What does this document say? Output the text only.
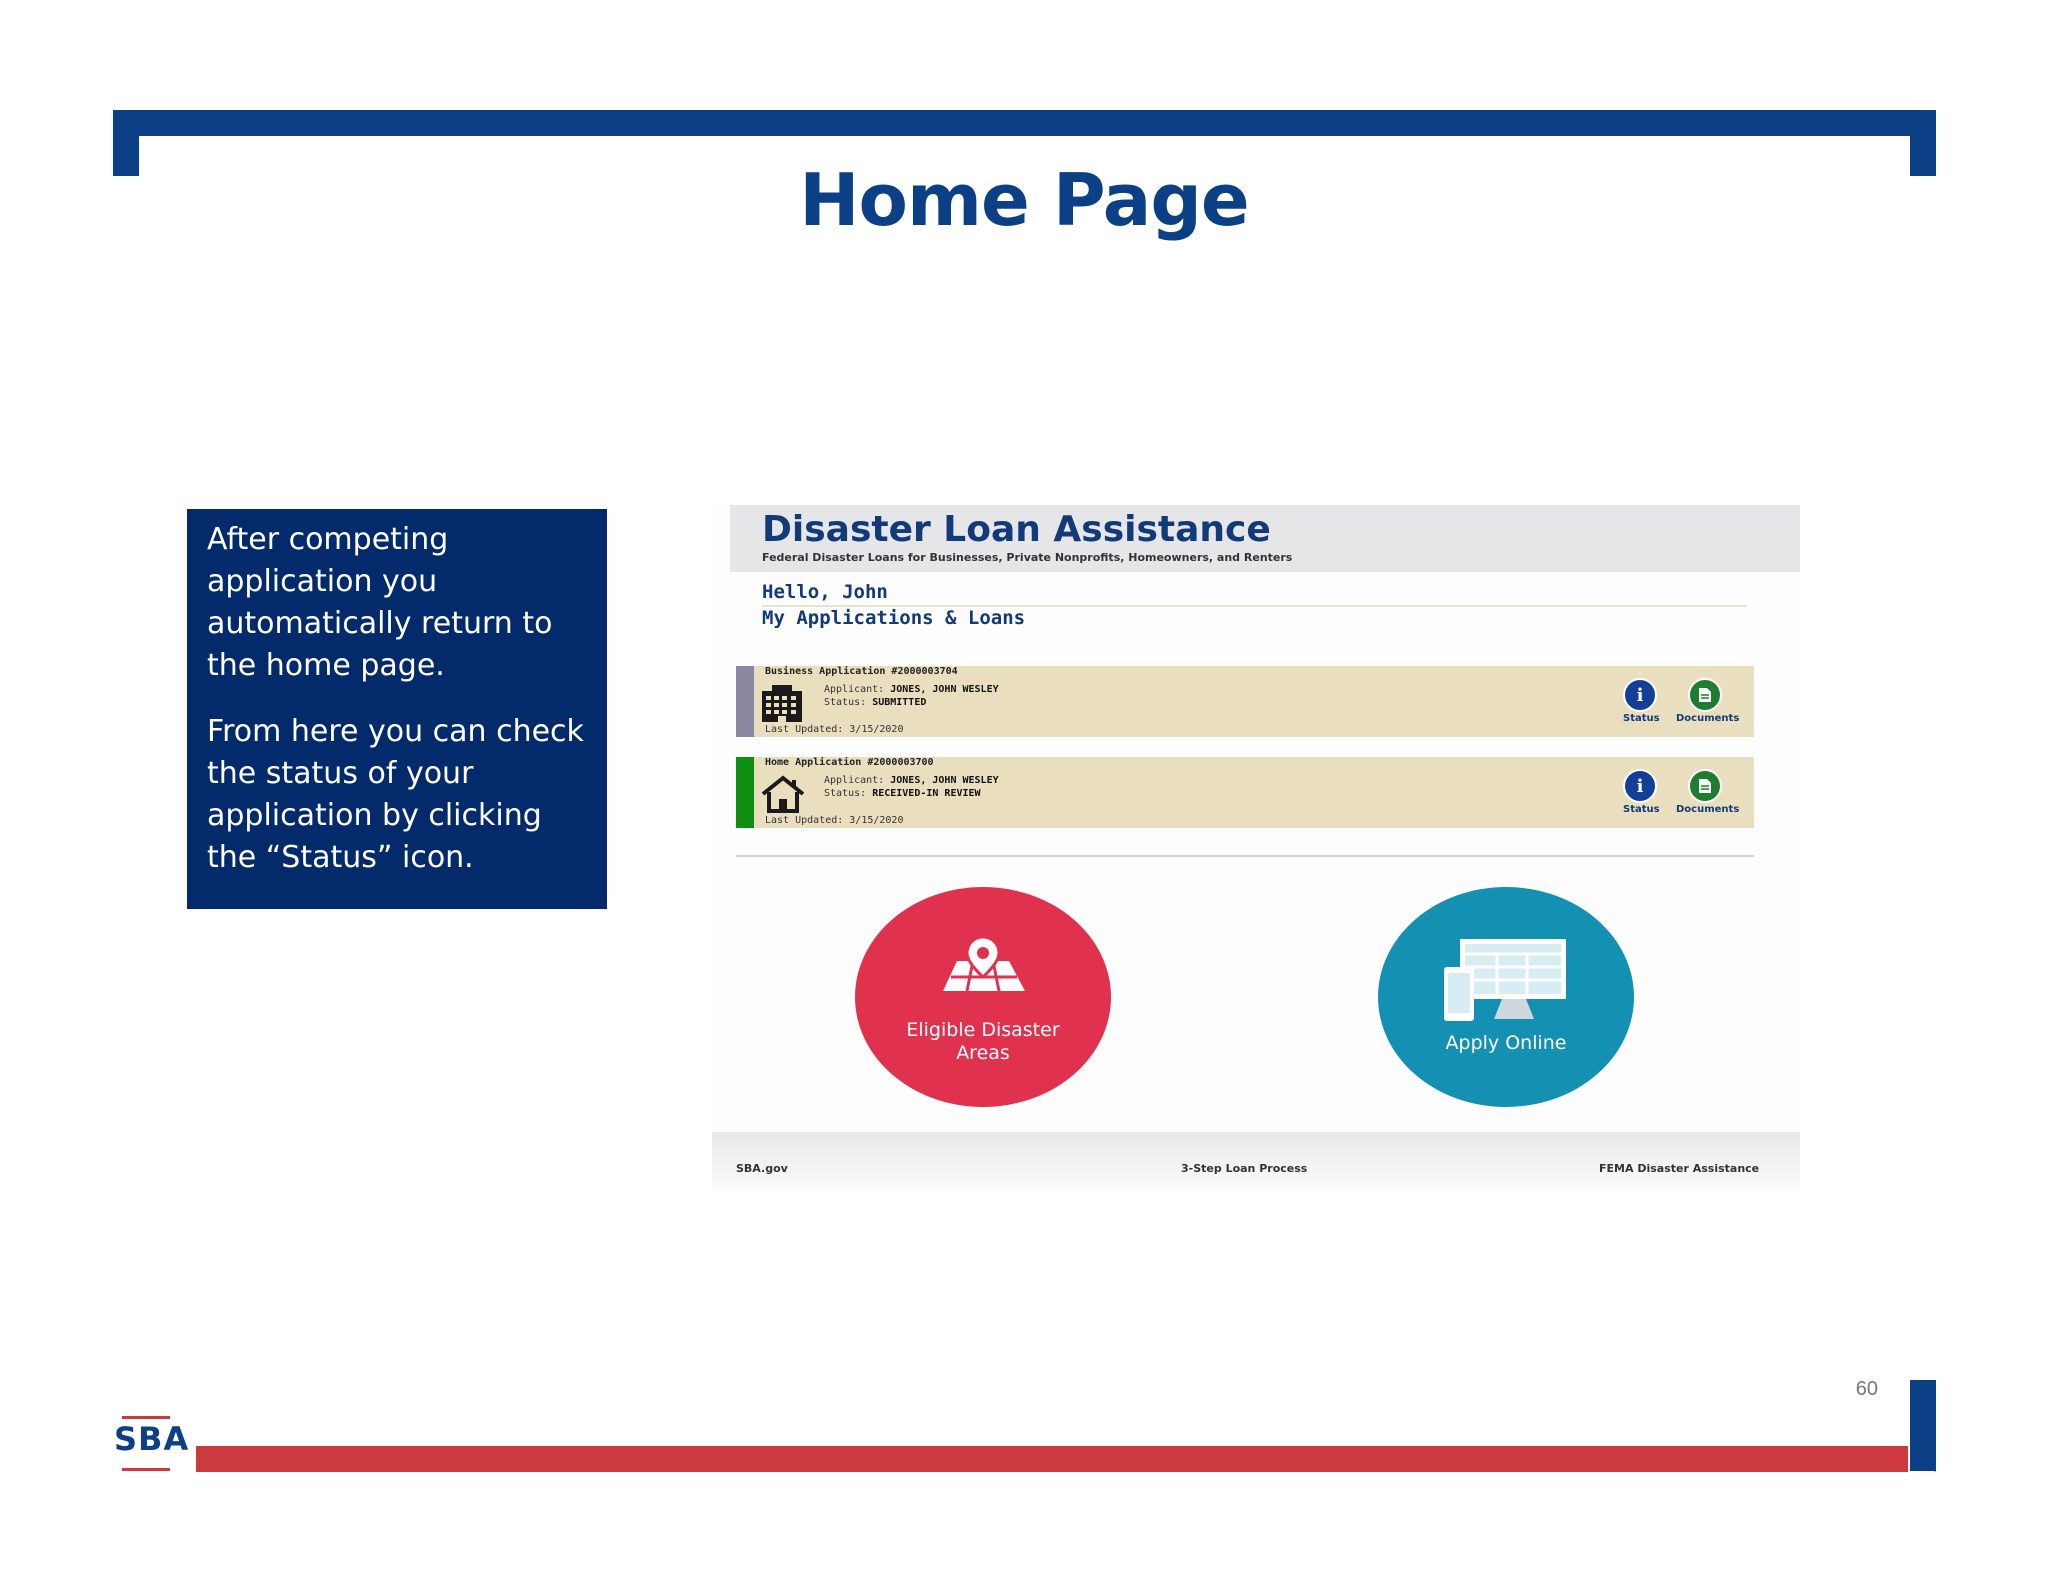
Home Page

After competing application you automatically return to the home page.

From here you can check the status of your application by clicking the “Status” icon.

Disaster Loan Assistance
Federal Disaster Loans for Businesses, Private Nonprofits, Homeowners, and Renters
Hello, John
My Applications & Loans
Business Application #2000003704
Applicant: JONES, JOHN WESLEY
Status: SUBMITTED
Last Updated: 3/15/2020
i
Status Documents
Home Application #2000003700
Applicant: JONES, JOHN WESLEY
Status: RECEIVED-IN REVIEW
Last Updated: 3/15/2020
i
Status Documents
Eligible Disaster
Areas	Apply Online
SBA.gov	3-Step Loan Process	FEMA Disaster Assistance
60
SBA
